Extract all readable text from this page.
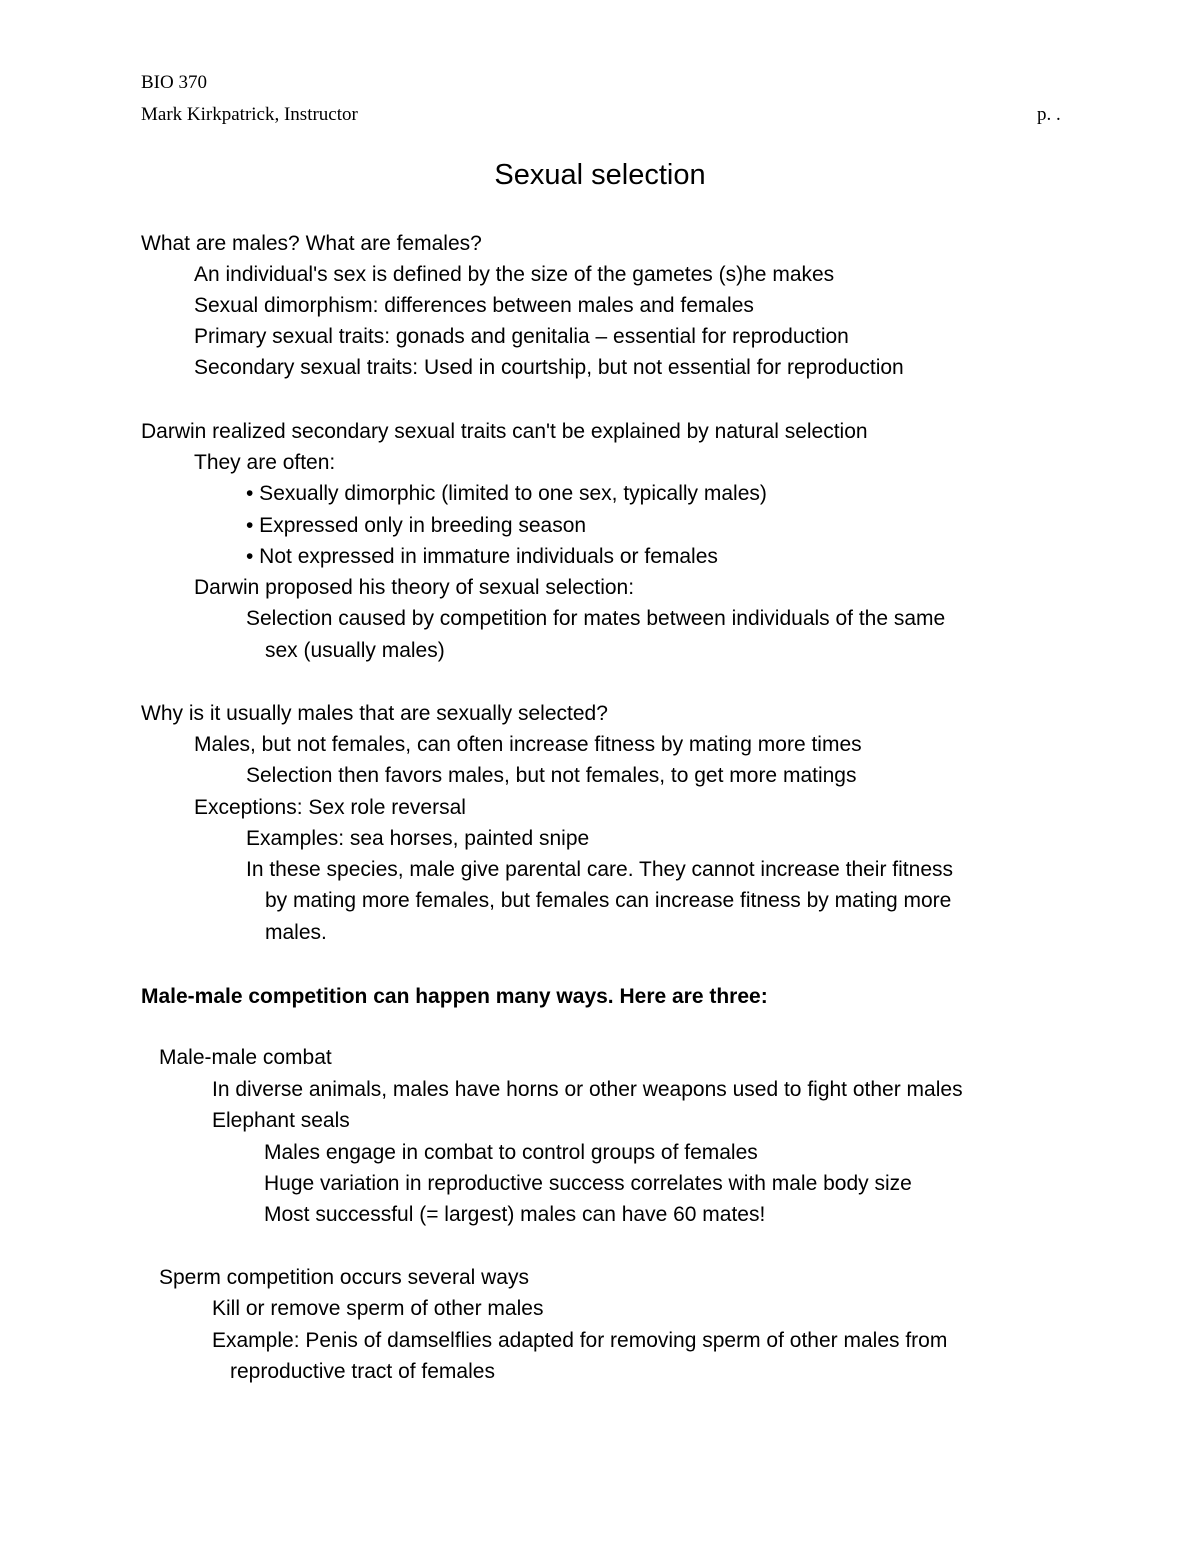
BIO 370
Mark Kirkpatrick, Instructor	p. .
Sexual selection
What are males? What are females?
An individual's sex is defined by the size of the gametes (s)he makes
Sexual dimorphism: differences between males and females
Primary sexual traits: gonads and genitalia – essential for reproduction
Secondary sexual traits: Used in courtship, but not essential for reproduction
Darwin realized secondary sexual traits can't be explained by natural selection
They are often:
• Sexually dimorphic (limited to one sex, typically males)
• Expressed only in breeding season
• Not expressed in immature individuals or females
Darwin proposed his theory of sexual selection:
Selection caused by competition for mates between individuals of the same
sex (usually males)
Why is it usually males that are sexually selected?
Males, but not females, can often increase fitness by mating more times
Selection then favors males, but not females, to get more matings
Exceptions: Sex role reversal
Examples: sea horses, painted snipe
In these species, male give parental care. They cannot increase their fitness
by mating more females, but females can increase fitness by mating more
males.
Male-male competition can happen many ways. Here are three:
Male-male combat
In diverse animals, males have horns or other weapons used to fight other males
Elephant seals
Males engage in combat to control groups of females
Huge variation in reproductive success correlates with male body size
Most successful (= largest) males can have 60 mates!
Sperm competition occurs several ways
Kill or remove sperm of other males
Example: Penis of damselflies adapted for removing sperm of other males from
reproductive tract of females
